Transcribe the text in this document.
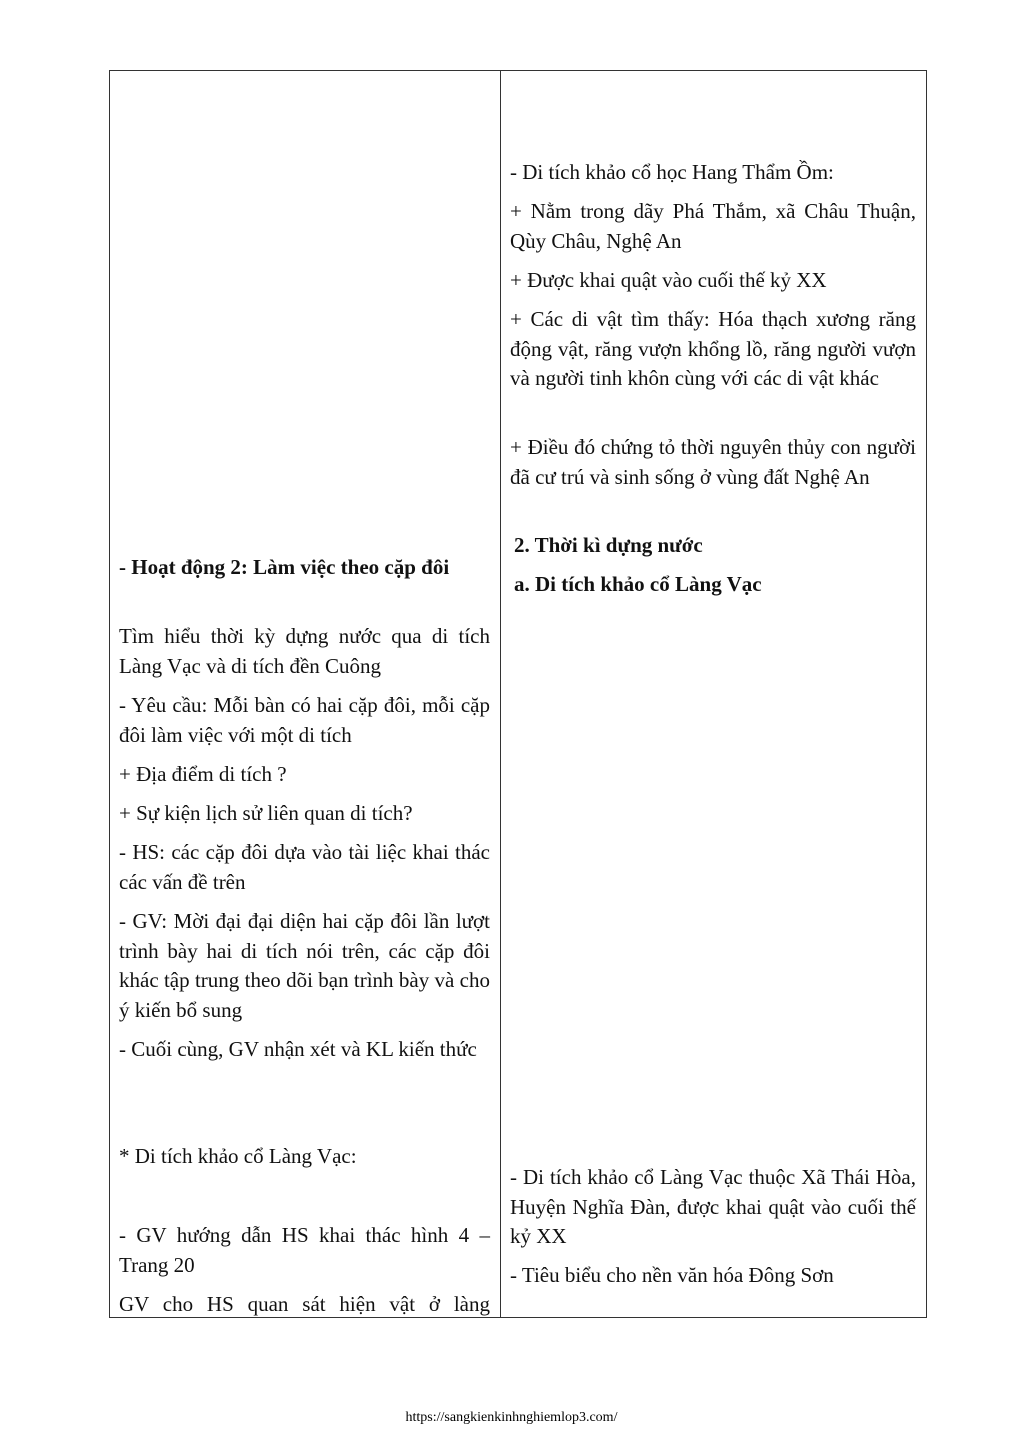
- Hoạt động 2: Làm việc theo cặp đôi

Tìm hiểu thời kỳ dựng nước qua di tích Làng Vạc và di tích đền Cuông

- Yêu cầu: Mỗi bàn có hai cặp đôi, mỗi cặp đôi làm việc với một di tích

+ Địa điểm di tích ?

+ Sự kiện lịch sử liên quan di tích?

- HS: các cặp đôi dựa vào tài liệc khai thác các vấn đề trên

- GV: Mời đại đại diện hai cặp đôi lần lượt trình bày hai di tích nói trên, các cặp đôi khác tập trung theo dõi bạn trình bày và cho ý kiến bổ sung

- Cuối cùng, GV nhận xét và KL kiến thức

* Di tích khảo cổ Làng Vạc:

- GV hướng dẫn HS khai thác hình 4 – Trang 20

GV cho HS quan sát hiện vật ở làng

- Di tích khảo cổ học Hang Thẩm Ồm:

+ Nằm trong dãy Phá Thắm, xã Châu Thuận, Qùy Châu, Nghệ An

+ Được khai quật vào cuối thế kỷ XX

+ Các di vật tìm thấy: Hóa thạch xương răng động vật, răng vượn khổng lồ, răng người vượn và người tinh khôn cùng với các di vật khác

+ Điều đó chứng tỏ thời nguyên thủy con người đã cư trú và sinh sống ở vùng đất Nghệ An

2. Thời kì dựng nước

a. Di tích khảo cổ Làng Vạc

- Di tích khảo cổ Làng Vạc thuộc Xã Thái Hòa, Huyện Nghĩa Đàn, được khai quật vào cuối thế kỷ XX

- Tiêu biểu cho nền văn hóa Đông Sơn

https://sangkienkinhnghiemlop3.com/
